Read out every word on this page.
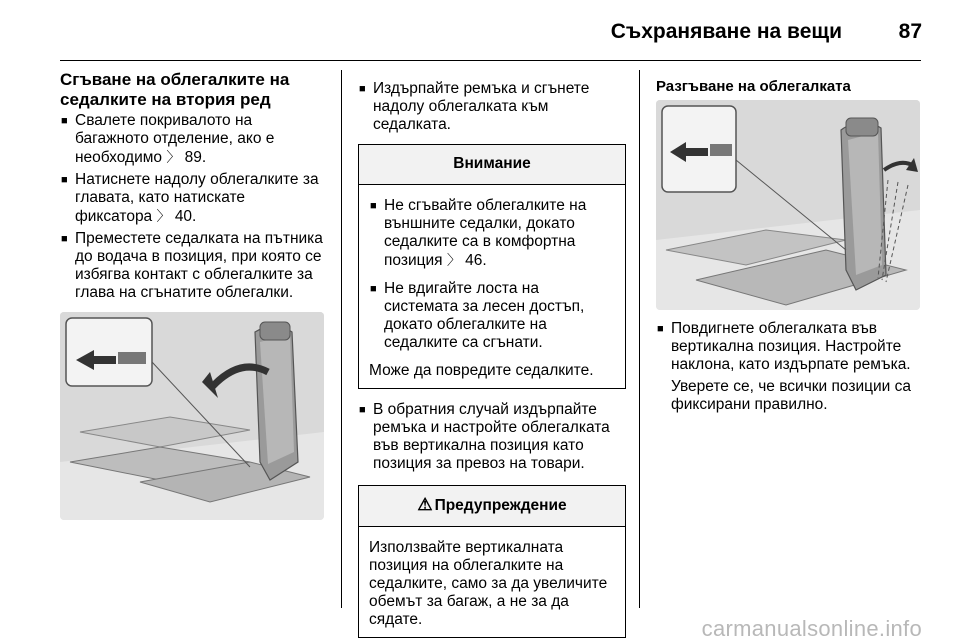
Съхраняване на вещи	87
Сгъване на облегалките на седалките на втория ред
■ Свалете покривалото на багажното отделение, ако е необходимо 〉 89.
■ Натиснете надолу облегалките за главата, като натискате фиксатора 〉 40.
■ Преместете седалката на пътника до водача в позиция, при която се избягва контакт с облегалките за глава на сгънатите облегалки.
■ Издърпайте ремъка и сгънете надолу облегалката към седалката.
Внимание
■ Не сгъвайте облегалките на външните седалки, докато седалките са в комфортна позиция 〉 46.
■ Не вдигайте лоста на системата за лесен достъп, докато облегалките на седалките са сгънати.
Може да повредите седалките.
■ В обратния случай издърпайте ремъка и настройте облегалката във вертикална позиция като позиция за превоз на товари.
⚠ Предупреждение
Използвайте вертикалната позиция на облегалките на седалките, само за да увеличите обемът за багаж, а не за да сядате.
Разгъване на облегалката
■ Повдигнете облегалката във вертикална позиция. Настройте наклона, като издърпате ремъка.
Уверете се, че всички позиции са фиксирани правилно.
carmanualsonline.info
